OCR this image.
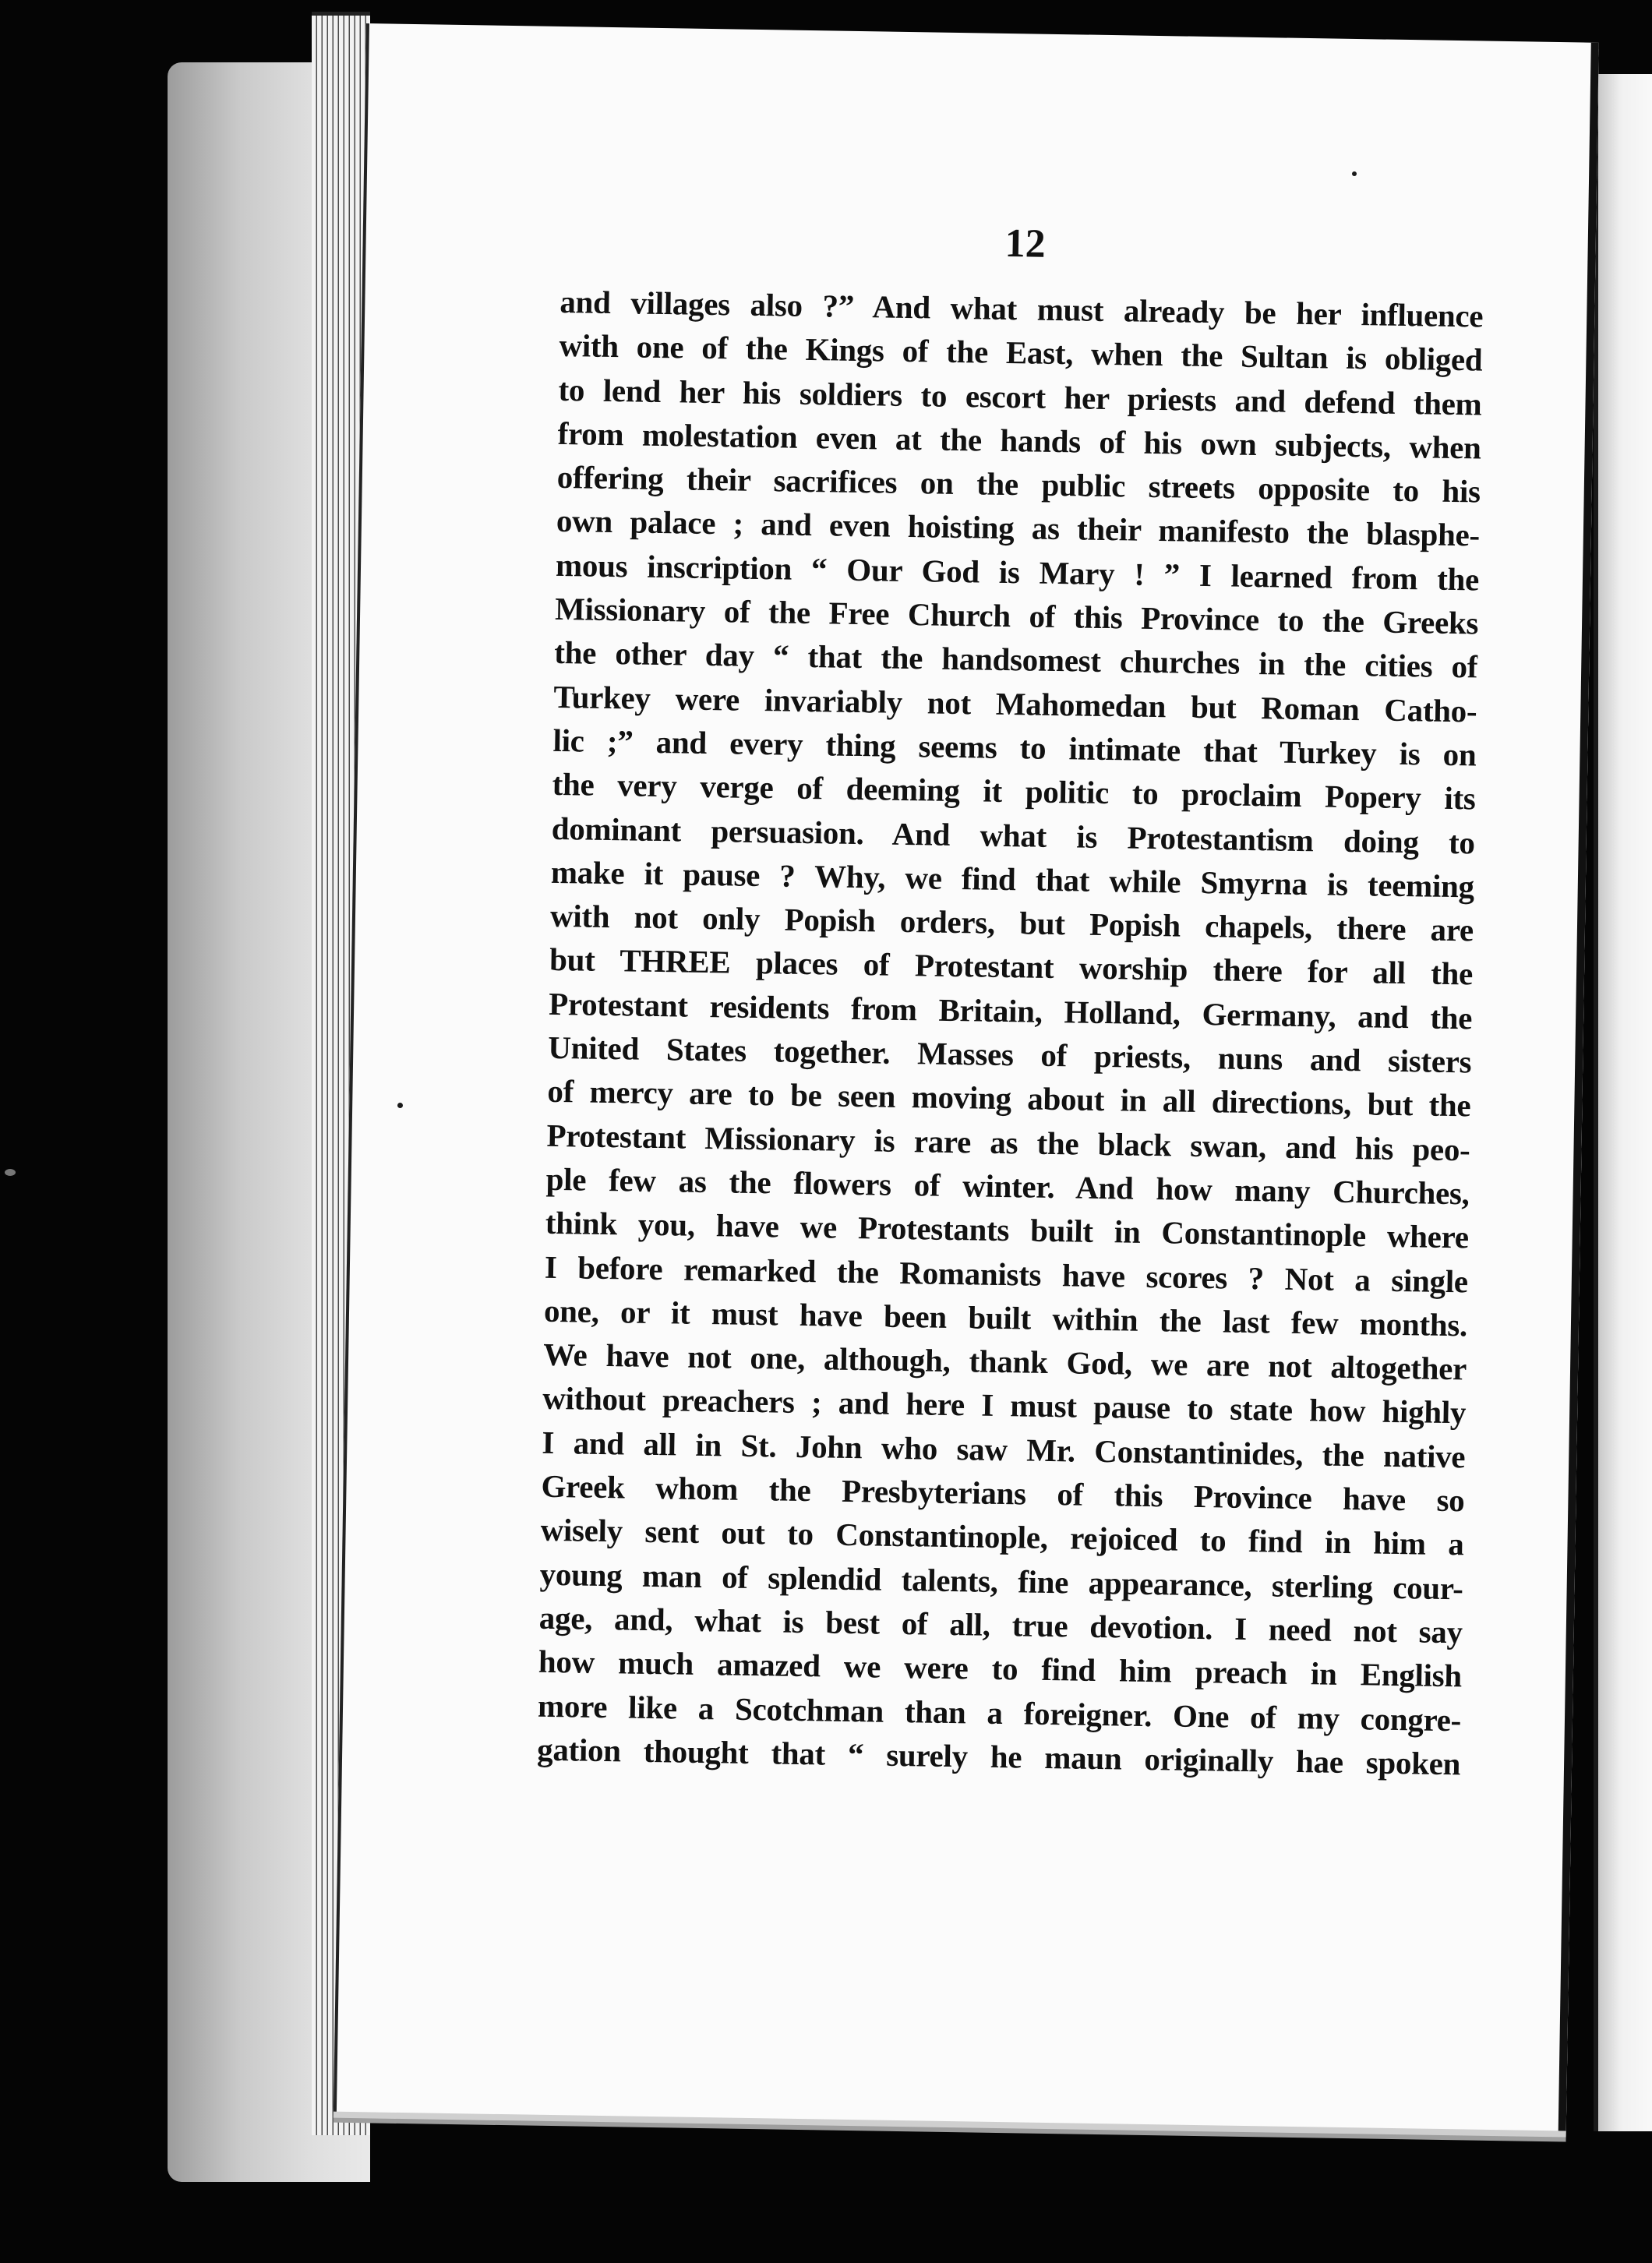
12

and villages also ?” And what must already be her influence
with one of the Kings of the East, when the Sultan is obliged
to lend her his soldiers to escort her priests and defend them
from molestation even at the hands of his own subjects, when
offering their sacrifices on the public streets opposite to his
own palace ; and even hoisting as their manifesto the blasphe-
mous inscription “ Our God is Mary ! ” I learned from the
Missionary of the Free Church of this Province to the Greeks
the other day “ that the handsomest churches in the cities of
Turkey were invariably not Mahomedan but Roman Catho-
lic ;” and every thing seems to intimate that Turkey is on
the very verge of deeming it politic to proclaim Popery its
dominant persuasion. And what is Protestantism doing to
make it pause ? Why, we find that while Smyrna is teeming
with not only Popish orders, but Popish chapels, there are
but THREE places of Protestant worship there for all the
Protestant residents from Britain, Holland, Germany, and the
United States together. Masses of priests, nuns and sisters
of mercy are to be seen moving about in all directions, but the
Protestant Missionary is rare as the black swan, and his peo-
ple few as the flowers of winter. And how many Churches,
think you, have we Protestants built in Constantinople where
I before remarked the Romanists have scores ? Not a single
one, or it must have been built within the last few months.
We have not one, although, thank God, we are not altogether
without preachers ; and here I must pause to state how highly
I and all in St. John who saw Mr. Constantinides, the native
Greek whom the Presbyterians of this Province have so
wisely sent out to Constantinople, rejoiced to find in him a
young man of splendid talents, fine appearance, sterling cour-
age, and, what is best of all, true devotion. I need not say
how much amazed we were to find him preach in English
more like a Scotchman than a foreigner. One of my congre-
gation thought that “ surely he maun originally hae spoken
